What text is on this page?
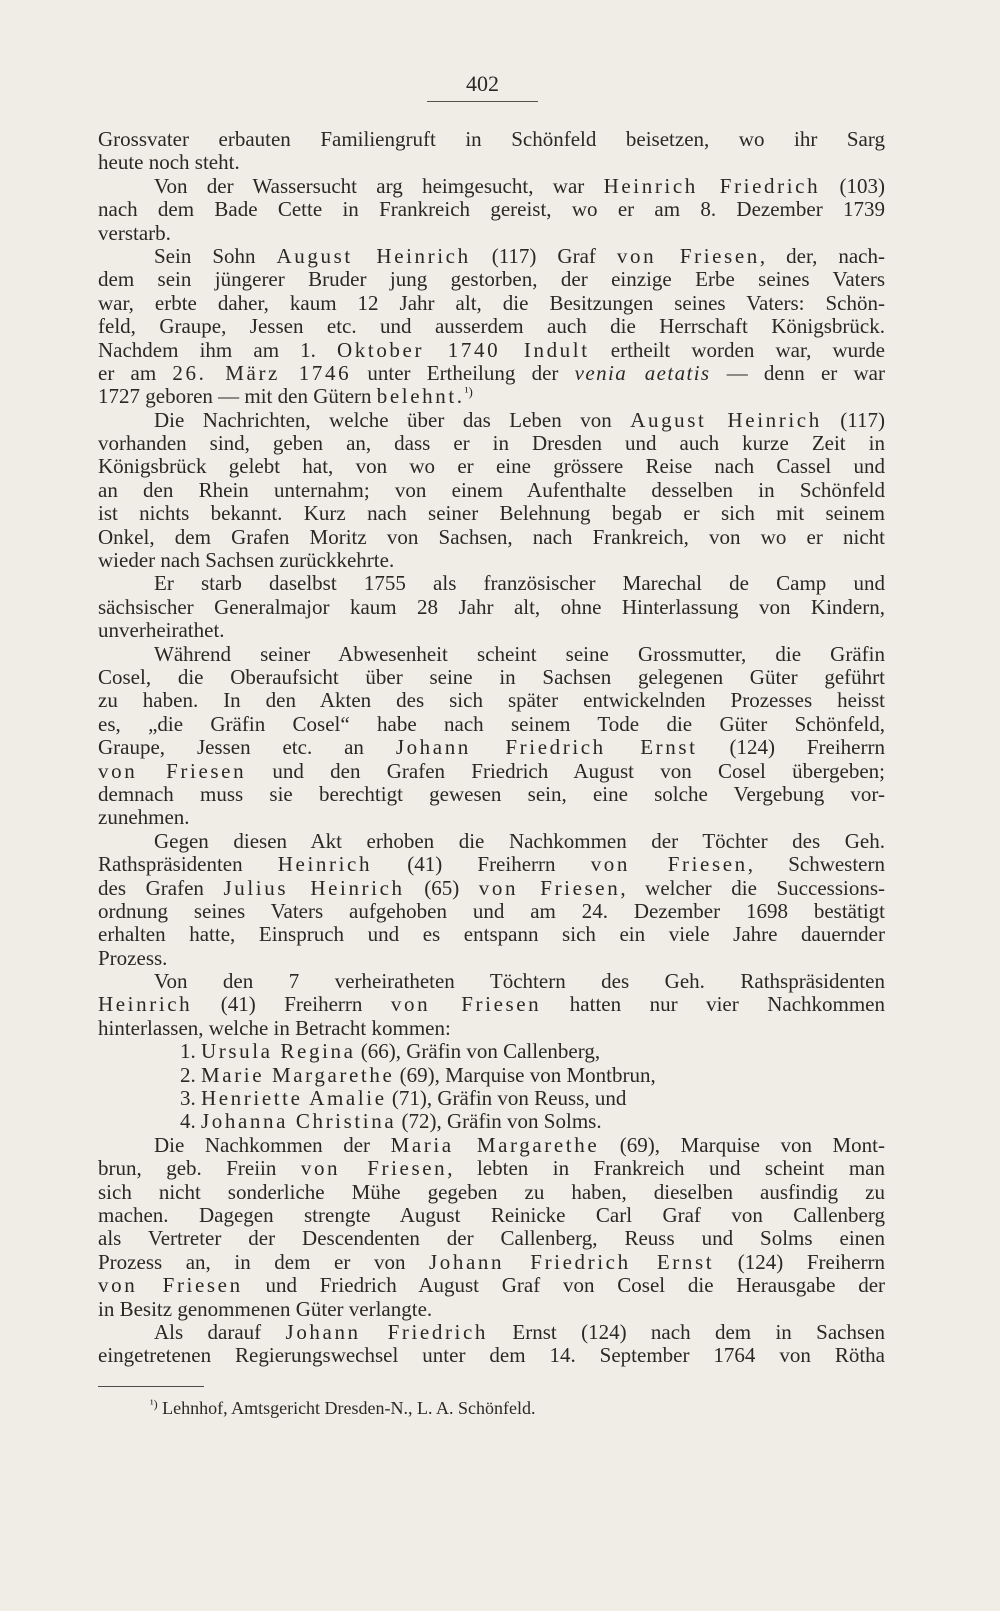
402
Grossvater erbauten Familiengruft in Schönfeld beisetzen, wo ihr Sarg
heute noch steht.
Von der Wassersucht arg heimgesucht, war Heinrich Friedrich (103)
nach dem Bade Cette in Frankreich gereist, wo er am 8. Dezember 1739
verstarb.
Sein Sohn August Heinrich (117) Graf von Friesen, der, nach-
dem sein jüngerer Bruder jung gestorben, der einzige Erbe seines Vaters
war, erbte daher, kaum 12 Jahr alt, die Besitzungen seines Vaters: Schön-
feld, Graupe, Jessen etc. und ausserdem auch die Herrschaft Königsbrück.
Nachdem ihm am 1. Oktober 1740 Indult ertheilt worden war, wurde
er am 26. März 1746 unter Ertheilung der venia aetatis — denn er war
1727 geboren — mit den Gütern belehnt.$^{^1)}$
Die Nachrichten, welche über das Leben von August Heinrich (117)
vorhanden sind, geben an, dass er in Dresden und auch kurze Zeit in
Königsbrück gelebt hat, von wo er eine grössere Reise nach Cassel und
an den Rhein unternahm; von einem Aufenthalte desselben in Schönfeld
ist nichts bekannt. Kurz nach seiner Belehnung begab er sich mit seinem
Onkel, dem Grafen Moritz von Sachsen, nach Frankreich, von wo er nicht
wieder nach Sachsen zurückkehrte.
Er starb daselbst 1755 als französischer Marechal de Camp und
sächsischer Generalmajor kaum 28 Jahr alt, ohne Hinterlassung von Kindern,
unverheirathet.
Während seiner Abwesenheit scheint seine Grossmutter, die Gräfin
Cosel, die Oberaufsicht über seine in Sachsen gelegenen Güter geführt
zu haben. In den Akten des sich später entwickelnden Prozesses heisst
es, „die Gräfin Cosel“ habe nach seinem Tode die Güter Schönfeld,
Graupe, Jessen etc. an Johann Friedrich Ernst (124) Freiherrn
von Friesen und den Grafen Friedrich August von Cosel übergeben;
demnach muss sie berechtigt gewesen sein, eine solche Vergebung vor-
zunehmen.
Gegen diesen Akt erhoben die Nachkommen der Töchter des Geh.
Rathspräsidenten Heinrich (41) Freiherrn von Friesen, Schwestern
des Grafen Julius Heinrich (65) von Friesen, welcher die Successions-
ordnung seines Vaters aufgehoben und am 24. Dezember 1698 bestätigt
erhalten hatte, Einspruch und es entspann sich ein viele Jahre dauernder
Prozess.
Von den 7 verheiratheten Töchtern des Geh. Rathspräsidenten
Heinrich (41) Freiherrn von Friesen hatten nur vier Nachkommen
hinterlassen, welche in Betracht kommen:
1. Ursula Regina (66), Gräfin von Callenberg,
2. Marie Margarethe (69), Marquise von Montbrun,
3. Henriette Amalie (71), Gräfin von Reuss, und
4. Johanna Christina (72), Gräfin von Solms.
Die Nachkommen der Maria Margarethe (69), Marquise von Mont-
brun, geb. Freiin von Friesen, lebten in Frankreich und scheint man
sich nicht sonderliche Mühe gegeben zu haben, dieselben ausfindig zu
machen. Dagegen strengte August Reinicke Carl Graf von Callenberg
als Vertreter der Descendenten der Callenberg, Reuss und Solms einen
Prozess an, in dem er von Johann Friedrich Ernst (124) Freiherrn
von Friesen und Friedrich August Graf von Cosel die Herausgabe der
in Besitz genommenen Güter verlangte.
Als darauf Johann Friedrich Ernst (124) nach dem in Sachsen
eingetretenen Regierungswechsel unter dem 14. September 1764 von Rötha
$^{^1)}$ Lehnhof, Amtsgericht Dresden-N., L. A. Schönfeld.
